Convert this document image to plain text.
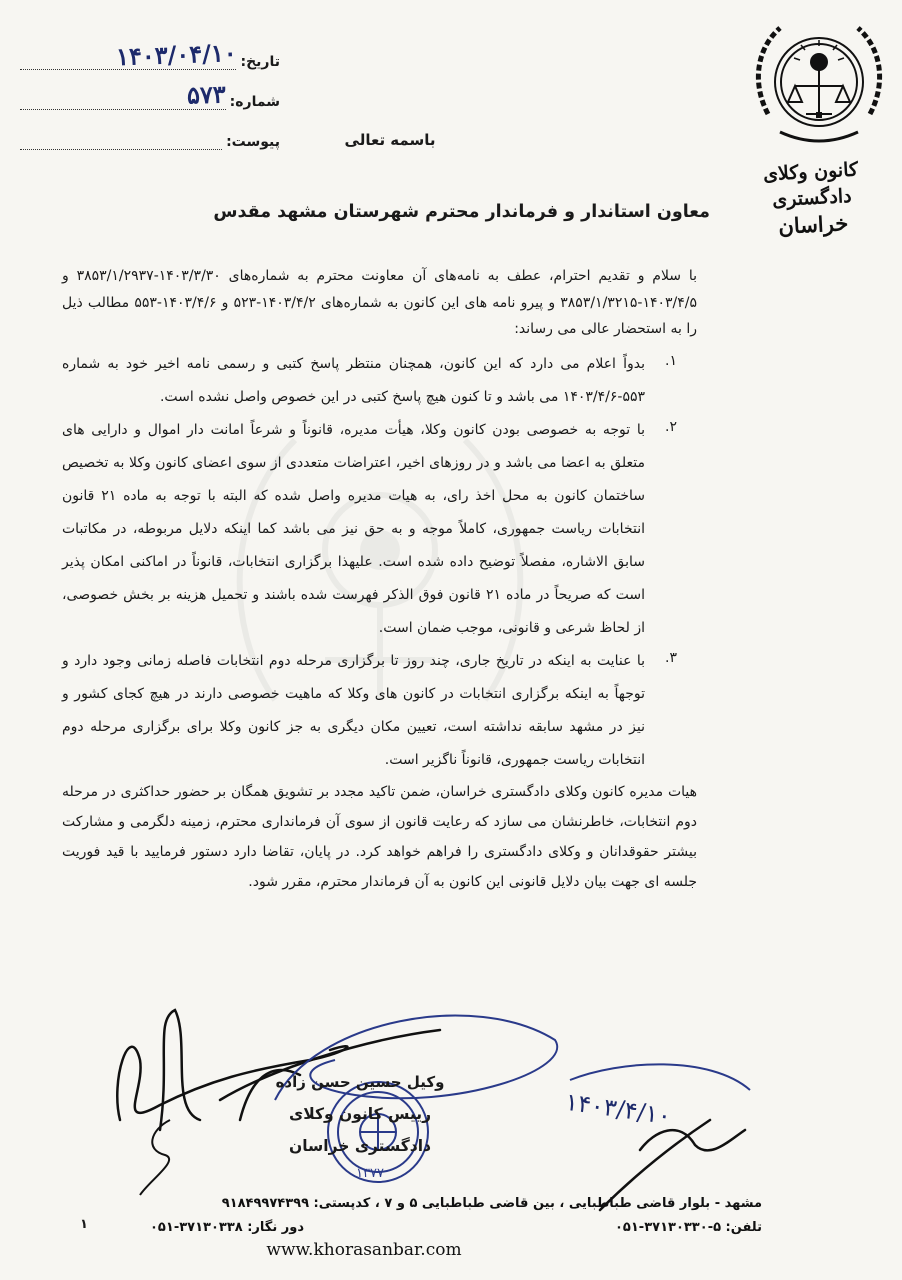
تاریخ:
۱۴۰۳/۰۴/۱۰
شماره:
۵۷۳
پیوست:
کانون وکلای دادگستری
خراسان
باسمه تعالی
معاون استاندار و فرماندار محترم شهرستان مشهد مقدس

با سلام و تقدیم احترام، عطف به نامه‌های آن معاونت محترم به شماره‌های ۱۴۰۳/۳/۳۰-۳۸۵۳/۱/۲۹۳۷ و ۱۴۰۳/۴/۵-۳۸۵۳/۱/۳۲۱۵ و پیرو نامه های این کانون به شماره‌های ۱۴۰۳/۴/۲-۵۲۳ و ۱۴۰۳/۴/۶-۵۵۳ مطالب ذیل را به استحضار عالی می رساند:

۱.
بدواً اعلام می دارد که این کانون، همچنان منتظر پاسخ کتبی و رسمی نامه اخیر خود به شماره ۵۵۳-۱۴۰۳/۴/۶ می باشد و تا کنون هیچ پاسخ کتبی در این خصوص واصل نشده است.
۲.
با توجه به خصوصی بودن کانون وکلا، هیأت مدیره، قانوناً و شرعاً امانت دار اموال و دارایی های متعلق به اعضا می باشد و در روزهای اخیر، اعتراضات متعددی از سوی اعضای کانون وکلا به تخصیص ساختمان کانون به محل اخذ رای، به هیات مدیره واصل شده که البته با توجه به ماده ۲۱ قانون انتخابات ریاست جمهوری، کاملاً موجه و به حق نیز می باشد کما اینکه دلایل مربوطه، در مکاتبات سابق الاشاره، مفصلاً توضیح داده شده است. علیهذا برگزاری انتخابات، قانوناً در اماکنی امکان پذیر است که صریحاً در ماده ۲۱ قانون فوق الذکر فهرست شده باشند و تحمیل هزینه بر بخش خصوصی، از لحاظ شرعی و قانونی، موجب ضمان است.
۳.
با عنایت به اینکه در تاریخ جاری، چند روز تا برگزاری مرحله دوم انتخابات فاصله زمانی وجود دارد و توجهاً به اینکه برگزاری انتخابات در کانون های وکلا که ماهیت خصوصی دارند در هیچ کجای کشور و نیز در مشهد سابقه نداشته است، تعیین مکان دیگری به جز کانون وکلا برای برگزاری مرحله دوم انتخابات ریاست جمهوری، قانوناً ناگزیر است.

هیات مدیره کانون وکلای دادگستری خراسان، ضمن تاکید مجدد بر تشویق همگان بر حضور حداکثری در مرحله دوم انتخابات، خاطرنشان می سازد که رعایت قانون از سوی آن فرمانداری محترم، زمینه دلگرمی و مشارکت بیشتر حقوقدانان و وکلای دادگستری را فراهم خواهد کرد. در پایان، تقاضا دارد دستور فرمایید با قید فوریت جلسه ای جهت بیان دلایل قانونی این کانون به آن فرماندار محترم، مقرر شود.

۱۳۷۷
۱۴۰۳/۴/۱۰
وکیل حسین حسن زاده
رییس کانون وکلای دادگستری خراسان
مشهد - بلوار قاضی طباطبایی ، بین قاضی طباطبایی ۵ و ۷ ، کدپستی: ۹۱۸۴۹۹۷۴۳۹۹
تلفن: ۵-۳۷۱۳۰۳۳۰-۰۵۱
دور نگار: ۳۷۱۳۰۳۳۸-۰۵۱
۱
www.khorasanbar.com
